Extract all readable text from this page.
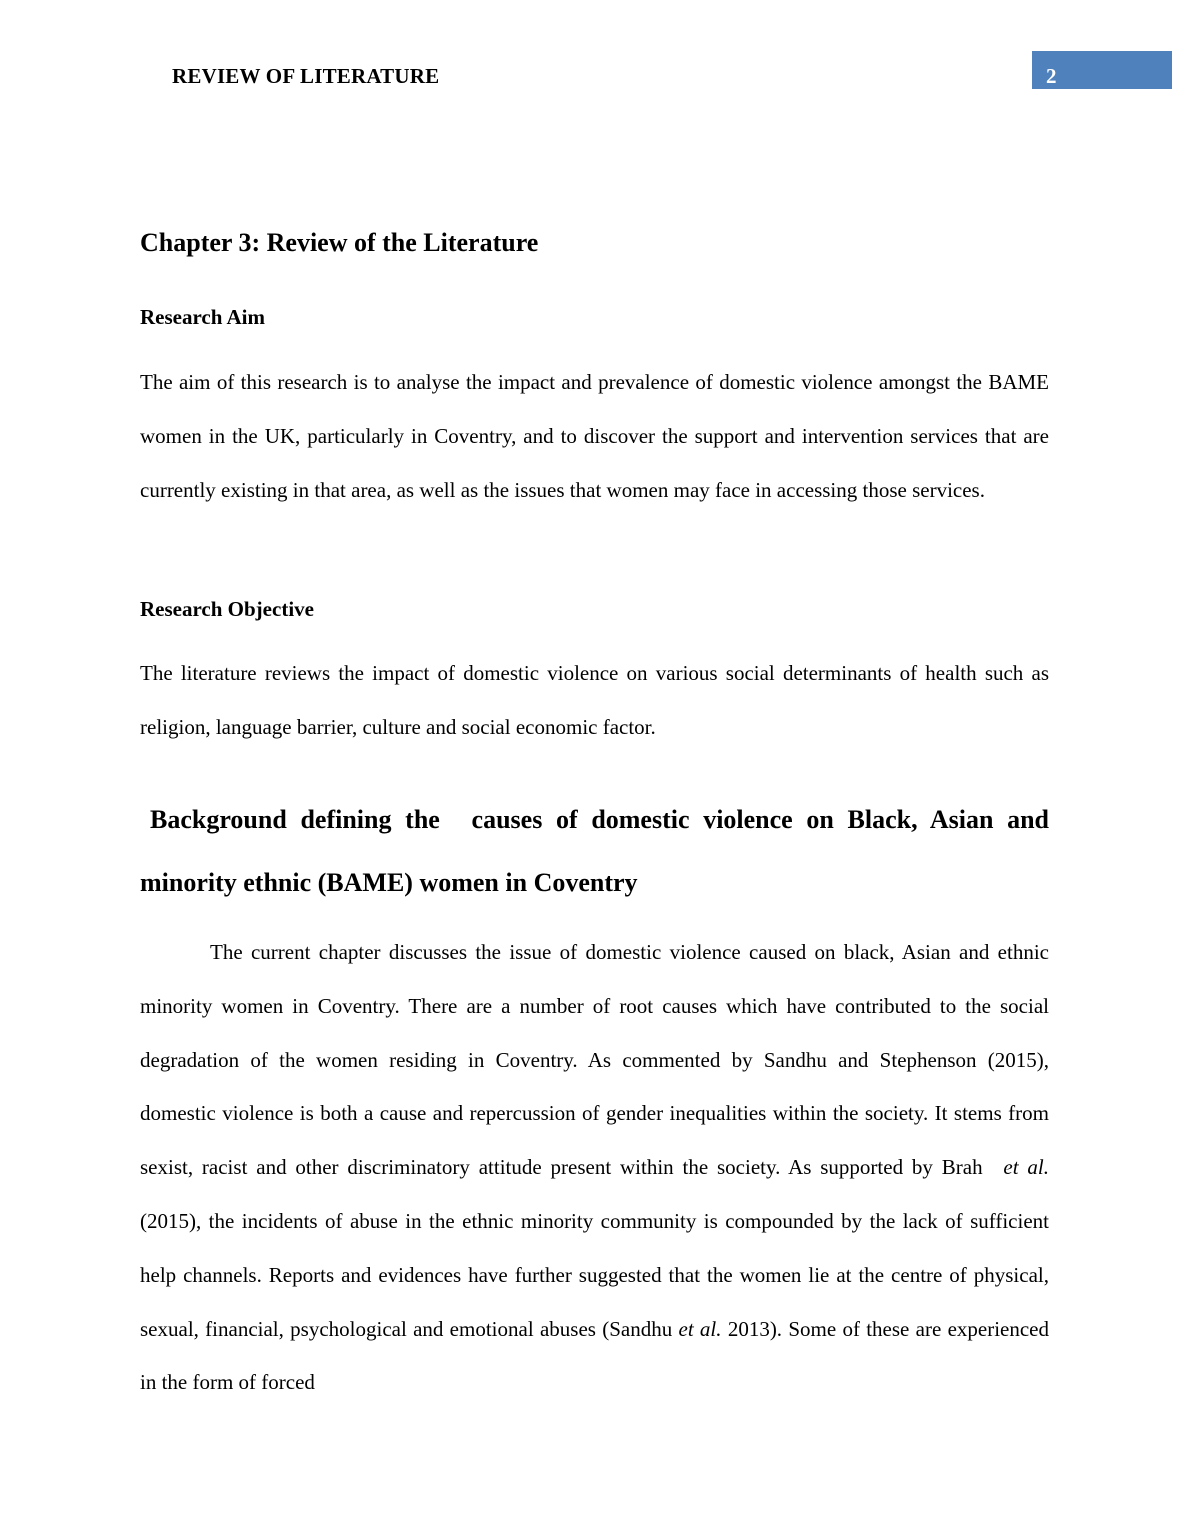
REVIEW OF LITERATURE	2
Chapter 3: Review of the Literature
Research Aim

The aim of this research is to analyse the impact and prevalence of domestic violence amongst the BAME women in the UK, particularly in Coventry, and to discover the support and intervention services that are currently existing in that area, as well as the issues that women may face in accessing those services.

Research Objective

The literature reviews the impact of domestic violence on various social determinants of health such as religion, language barrier, culture and social economic factor.

Background defining the causes of domestic violence on Black, Asian and minority ethnic (BAME) women in Coventry

The current chapter discusses the issue of domestic violence caused on black, Asian and ethnic minority women in Coventry. There are a number of root causes which have contributed to the social degradation of the women residing in Coventry. As commented by Sandhu and Stephenson (2015), domestic violence is both a cause and repercussion of gender inequalities within the society. It stems from sexist, racist and other discriminatory attitude present within the society. As supported by Brah et al. (2015), the incidents of abuse in the ethnic minority community is compounded by the lack of sufficient help channels. Reports and evidences have further suggested that the women lie at the centre of physical, sexual, financial, psychological and emotional abuses (Sandhu et al. 2013). Some of these are experienced in the form of forced
